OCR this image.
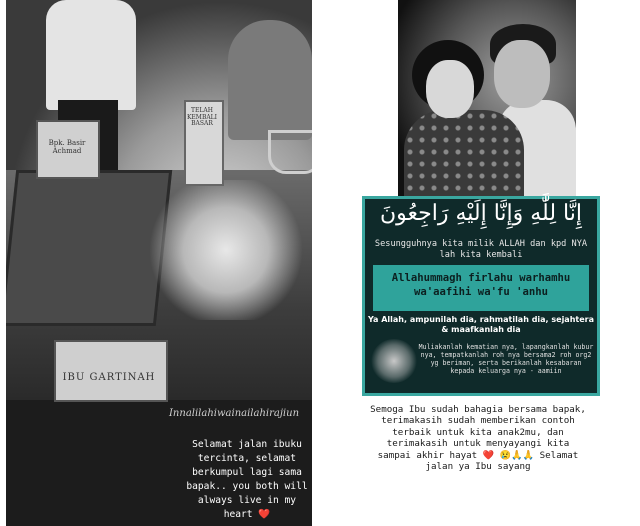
Bpk. Basir Achmad
TELAH KEMBALI BASAR
IBU GARTINAH
Innalilahiwainailahirajiun
Selamat jalan ibuku tercinta, selamat berkumpul lagi sama bapak.. you both will always live in my heart ❤️
إِنَّا لِلَّٰهِ وَإِنَّا إِلَيْهِ رَاجِعُونَ
Sesungguhnya kita milik ALLAH dan kpd NYA lah kita kembali
Allahummagh firlahu warhamhu wa'aafihi wa'fu 'anhu
Ya Allah, ampunilah dia, rahmatilah dia, sejahtera & maafkanlah dia
Muliakanlah kematian nya, lapangkanlah kubur nya, tempatkanlah roh nya bersama2 roh org2 yg beriman, serta berikanlah kesabaran kepada keluarga nya - aamiin
Semoga Ibu sudah bahagia bersama bapak, terimakasih sudah memberikan contoh terbaik untuk kita anak2mu, dan terimakasih untuk menyayangi kita sampai akhir hayat ❤️ 😢🙏🙏 Selamat jalan ya Ibu sayang
